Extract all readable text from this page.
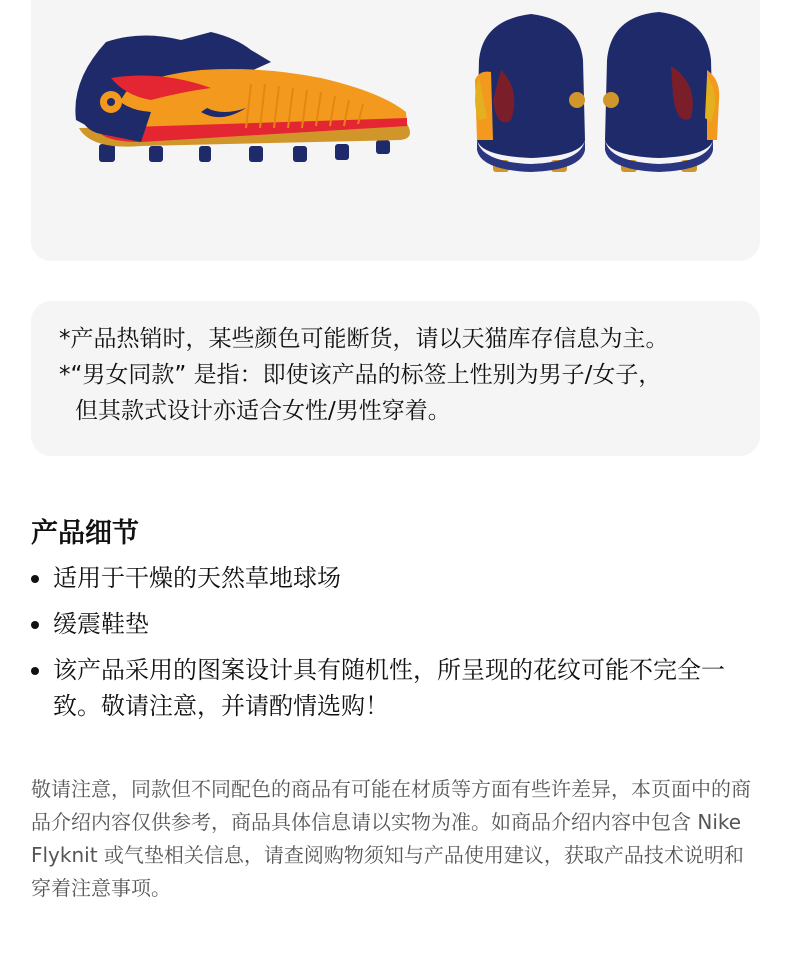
PHANTOM

*产品热销时，某些颜色可能断货，请以天猫库存信息为主。

*“男女同款” 是指：即使该产品的标签上性别为男子/女子，

但其款式设计亦适合女性/男性穿着。

产品细节
适用于干燥的天然草地球场
缓震鞋垫
该产品采用的图案设计具有随机性，所呈现的花纹可能不完全一致。敬请注意，并请酌情选购！

敬请注意，同款但不同配色的商品有可能在材质等方面有些许差异，本页面中的商品介绍内容仅供参考，商品具体信息请以实物为准。如商品介绍内容中包含 Nike Flyknit 或气垫相关信息，请查阅购物须知与产品使用建议，获取产品技术说明和穿着注意事项。
